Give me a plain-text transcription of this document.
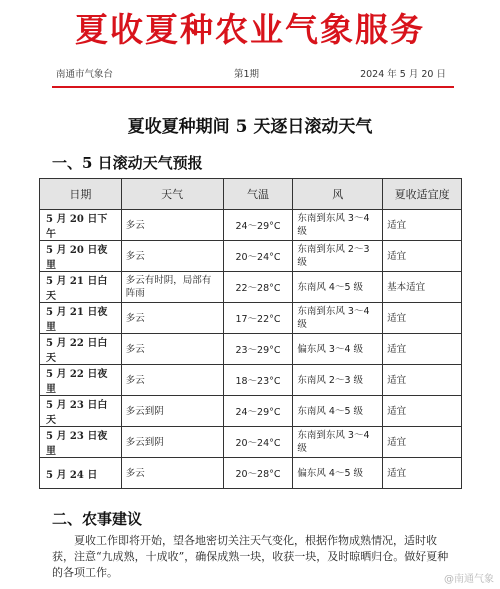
夏收夏种农业气象服务
南通市气象台	第1期	2024 年 5 月 20 日
夏收夏种期间 5 天逐日滚动天气
一、5 日滚动天气预报
日期	天气	气温	风	夏收适宜度
5 月 20 日下午	多云	24～29°C	东南到东风 3～4 级	适宜
5 月 20 日夜里	多云	20～24°C	东南到东风 2～3 级	适宜
5 月 21 日白天	多云有时阴，局部有阵雨	22～28°C	东南风 4～5 级	基本适宜
5 月 21 日夜里	多云	17～22°C	东南到东风 3～4 级	适宜
5 月 22 日白天	多云	23～29°C	偏东风 3～4 级	适宜
5 月 22 日夜里	多云	18～23°C	东南风 2～3 级	适宜
5 月 23 日白天	多云到阴	24～29°C	东南风 4～5 级	适宜
5 月 23 日夜里	多云到阴	20～24°C	东南到东风 3～4 级	适宜
5 月 24 日	多云	20～28°C	偏东风 4～5 级	适宜
二、农事建议
夏收工作即将开始，望各地密切关注天气变化，根据作物成熟情况，适时收获，注意“九成熟，十成收”，确保成熟一块，收获一块，及时晾晒归仓。做好夏种的各项工作。
@南通气象
